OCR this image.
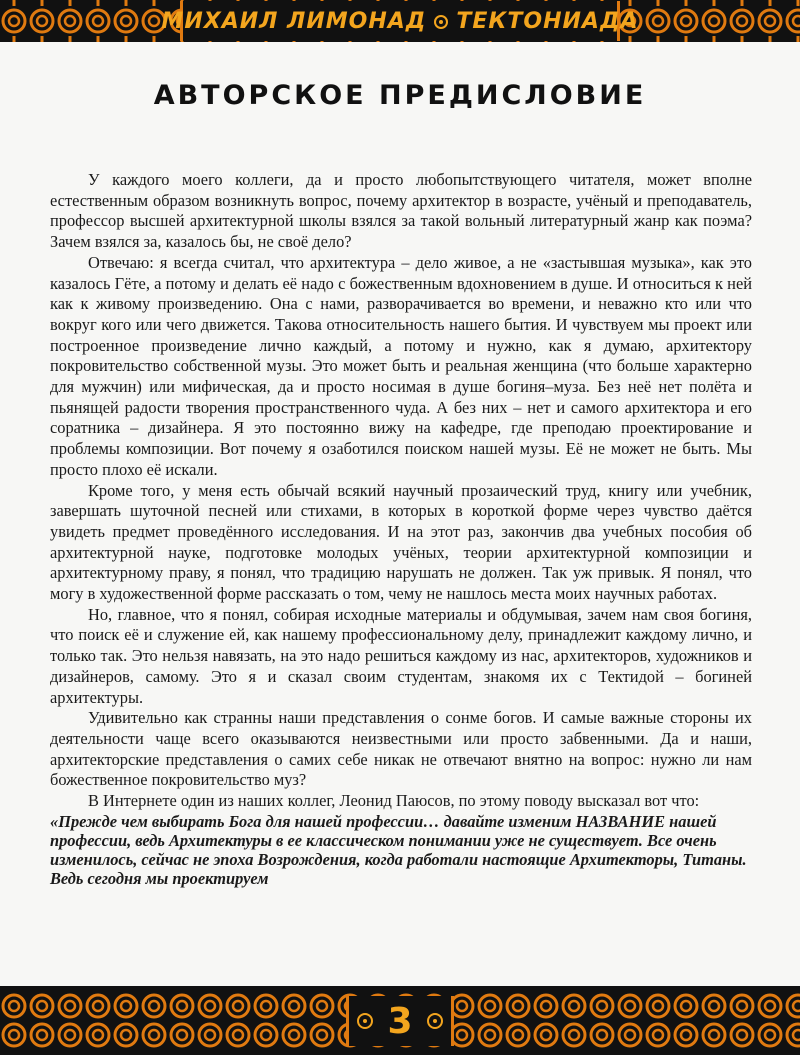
МИХАИЛ ЛИМОНАД ТЕКТОНИАДА
АВТОРСКОЕ ПРЕДИСЛОВИЕ

У каждого моего коллеги, да и просто любопытствующего читателя, может вполне естественным образом возникнуть вопрос, почему архитектор в возрасте, учёный и преподаватель, профессор высшей архитектурной школы взялся за такой вольный литературный жанр как поэма? Зачем взялся за, казалось бы, не своё дело?

Отвечаю: я всегда считал, что архитектура – дело живое, а не «застывшая музыка», как это казалось Гёте, а потому и делать её надо с божественным вдохновением в душе. И относиться к ней как к живому произведению. Она с нами, разворачивается во времени, и неважно кто или что вокруг кого или чего движется. Такова относительность нашего бытия. И чувствуем мы проект или построенное произведение лично каждый, а потому и нужно, как я думаю, архитектору покровительство собственной музы. Это может быть и реальная женщина (что больше характерно для мужчин) или мифическая, да и просто носимая в душе богиня–муза. Без неё нет полёта и пьянящей радости творения пространственного чуда. А без них – нет и самого архитектора и его соратника – дизайнера. Я это постоянно вижу на кафедре, где преподаю проектирование и проблемы композиции. Вот почему я озаботился поиском нашей музы. Её не может не быть. Мы просто плохо её искали.

Кроме того, у меня есть обычай всякий научный прозаический труд, книгу или учебник, завершать шуточной песней или стихами, в которых в короткой форме через чувство даётся увидеть предмет проведённого исследования. И на этот раз, закончив два учебных пособия об архитектурной науке, подготовке молодых учёных, теории архитектурной композиции и архитектурному праву, я понял, что традицию нарушать не должен. Так уж привык. Я понял, что могу в художественной форме рассказать о том, чему не нашлось места моих научных работах.

Но, главное, что я понял, собирая исходные материалы и обдумывая, зачем нам своя богиня, что поиск её и служение ей, как нашему профессиональному делу, принадлежит каждому лично, и только так. Это нельзя навязать, на это надо решиться каждому из нас, архитекторов, художников и дизайнеров, самому. Это я и сказал своим студентам, знакомя их с Тектидой – богиней архитектуры.

Удивительно как странны наши представления о сонме богов. И самые важные стороны их деятельности чаще всего оказываются неизвестными или просто забвенными. Да и наши, архитекторские представления о самих себе никак не отвечают внятно на вопрос: нужно ли нам божественное покровительство муз?

В Интернете один из наших коллег, Леонид Паюсов, по этому поводу высказал вот что:

«Прежде чем выбирать Бога для нашей профессии… давайте изменим НАЗВАНИЕ нашей профессии, ведь Архитектуры в ее классическом понимании уже не существует. Все очень изменилось, сейчас не эпоха Возрождения, когда работали настоящие Архитекторы, Титаны. Ведь сегодня мы проектируем

3
